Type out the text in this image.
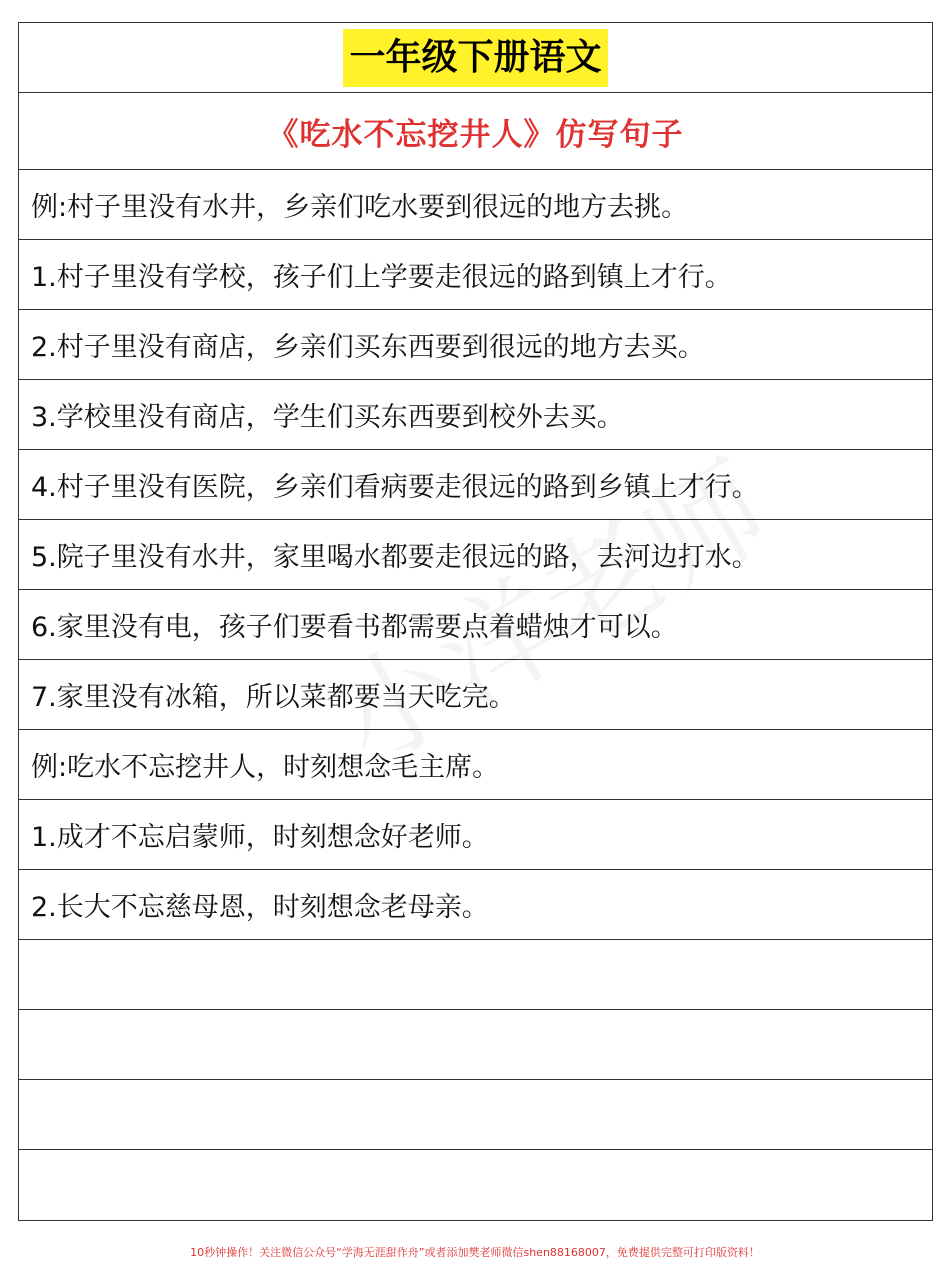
一年级下册语文
《吃水不忘挖井人》仿写句子
例:村子里没有水井，乡亲们吃水要到很远的地方去挑。
1.村子里没有学校，孩子们上学要走很远的路到镇上才行。
2.村子里没有商店，乡亲们买东西要到很远的地方去买。
3.学校里没有商店，学生们买东西要到校外去买。
4.村子里没有医院，乡亲们看病要走很远的路到乡镇上才行。
5.院子里没有水井，家里喝水都要走很远的路，去河边打水。
6.家里没有电，孩子们要看书都需要点着蜡烛才可以。
7.家里没有冰箱，所以菜都要当天吃完。
例:吃水不忘挖井人，时刻想念毛主席。
1.成才不忘启蒙师，时刻想念好老师。
2.长大不忘慈母恩，时刻想念老母亲。
10秒钟操作！关注微信公众号“学海无涯甜作舟”或者添加樊老师微信shen88168007，免费提供完整可打印版资料！
